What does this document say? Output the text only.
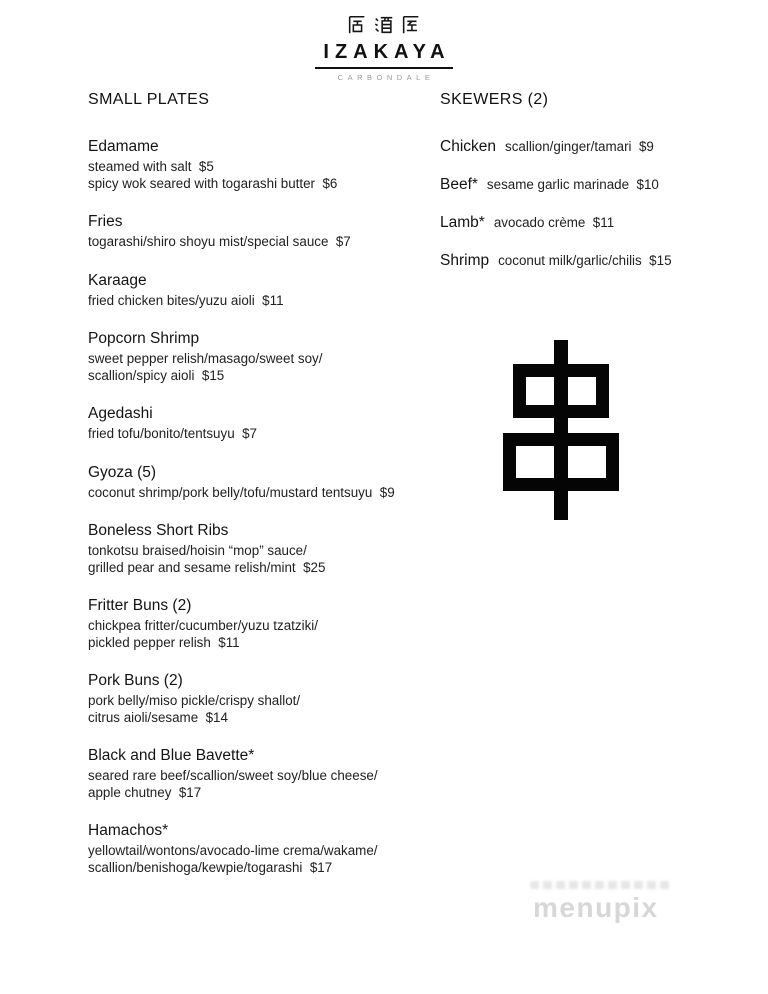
IZAKAYA
CARBONDALE
SMALL PLATES
Edamame
steamed with salt  $5
spicy wok seared with togarashi butter  $6
Fries
togarashi/shiro shoyu mist/special sauce  $7
Karaage
fried chicken bites/yuzu aioli  $11
Popcorn Shrimp
sweet pepper relish/masago/sweet soy/
scallion/spicy aioli  $15
Agedashi
fried tofu/bonito/tentsuyu  $7
Gyoza (5)
coconut shrimp/pork belly/tofu/mustard tentsuyu  $9
Boneless Short Ribs
tonkotsu braised/hoisin “mop” sauce/
grilled pear and sesame relish/mint  $25
Fritter Buns (2)
chickpea fritter/cucumber/yuzu tzatziki/
pickled pepper relish  $11
Pork Buns (2)
pork belly/miso pickle/crispy shallot/
citrus aioli/sesame  $14
Black and Blue Bavette*
seared rare beef/scallion/sweet soy/blue cheese/
apple chutney  $17
Hamachos*
yellowtail/wontons/avocado-lime crema/wakame/
scallion/benishoga/kewpie/togarashi  $17
SKEWERS (2)
Chicken scallion/ginger/tamari  $9
Beef* sesame garlic marinade  $10
Lamb* avocado crème  $11
Shrimp coconut milk/garlic/chilis  $15
menupix
